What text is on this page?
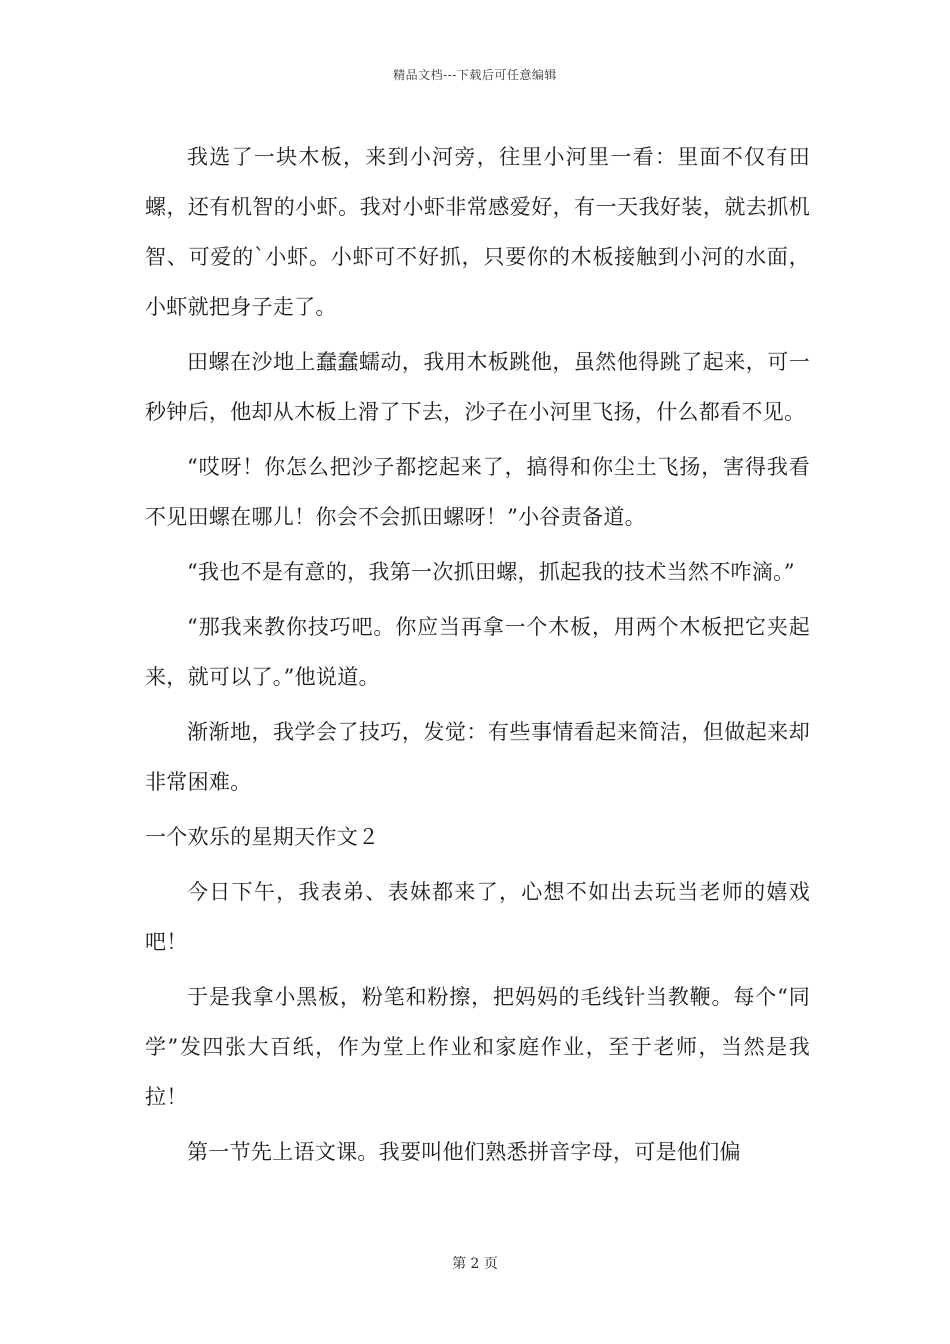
精品文档---下载后可任意编辑

我选了一块木板，来到小河旁，往里小河里一看：里面不仅有田螺，还有机智的小虾。我对小虾非常感爱好，有一天我好装，就去抓机智、可爱的`小虾。小虾可不好抓，只要你的木板接触到小河的水面，小虾就把身子走了。

田螺在沙地上蠢蠢蠕动，我用木板跳他，虽然他得跳了起来，可一秒钟后，他却从木板上滑了下去，沙子在小河里飞扬，什么都看不见。

“哎呀！你怎么把沙子都挖起来了，搞得和你尘土飞扬，害得我看不见田螺在哪儿！你会不会抓田螺呀！”小谷责备道。

“我也不是有意的，我第一次抓田螺，抓起我的技术当然不咋滴。”

“那我来教你技巧吧。你应当再拿一个木板，用两个木板把它夹起来，就可以了。”他说道。

渐渐地，我学会了技巧，发觉：有些事情看起来简洁，但做起来却非常困难。

一个欢乐的星期天作文２

今日下午，我表弟、表妹都来了，心想不如出去玩当老师的嬉戏吧！

于是我拿小黑板，粉笔和粉擦，把妈妈的毛线针当教鞭。每个“同学”发四张大百纸，作为堂上作业和家庭作业，至于老师，当然是我拉！

第一节先上语文课。我要叫他们熟悉拼音字母，可是他们偏

第 2 页
